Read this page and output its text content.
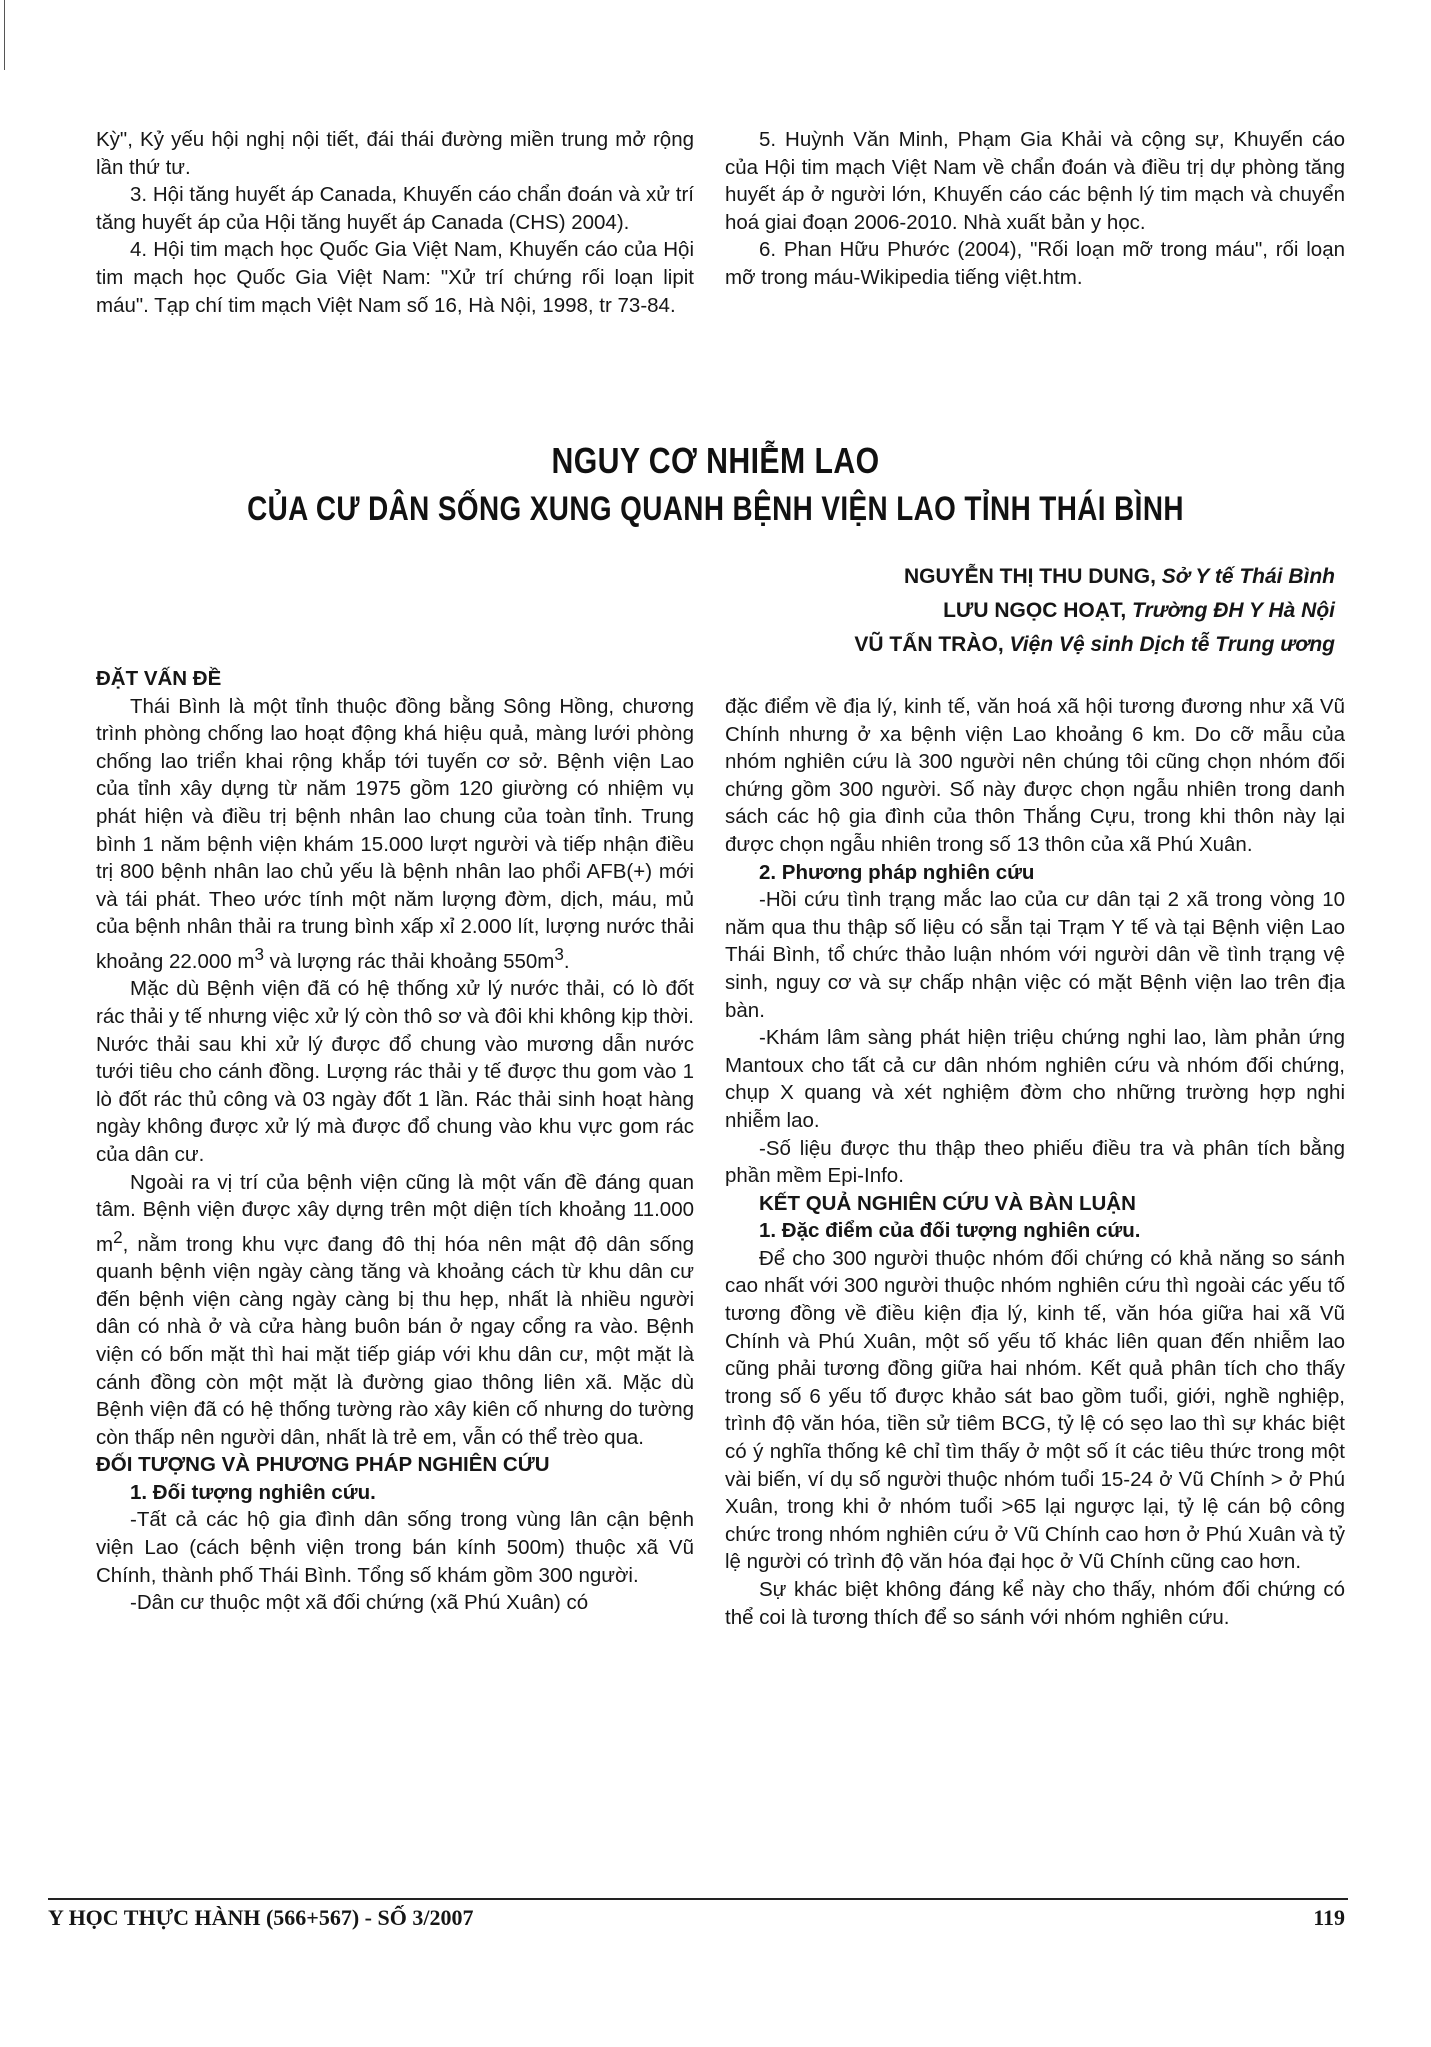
Kỳ", Kỷ yếu hội nghị nội tiết, đái thái đường miền trung mở rộng lần thứ tư.

3. Hội tăng huyết áp Canada, Khuyến cáo chẩn đoán và xử trí tăng huyết áp của Hội tăng huyết áp Canada (CHS) 2004).

4. Hội tim mạch học Quốc Gia Việt Nam, Khuyến cáo của Hội tim mạch học Quốc Gia Việt Nam: "Xử trí chứng rối loạn lipit máu". Tạp chí tim mạch Việt Nam số 16, Hà Nội, 1998, tr 73-84.

5. Huỳnh Văn Minh, Phạm Gia Khải và cộng sự, Khuyến cáo của Hội tim mạch Việt Nam về chẩn đoán và điều trị dự phòng tăng huyết áp ở người lớn, Khuyến cáo các bệnh lý tim mạch và chuyển hoá giai đoạn 2006-2010. Nhà xuất bản y học.

6. Phan Hữu Phước (2004), "Rối loạn mỡ trong máu", rối loạn mỡ trong máu-Wikipedia tiếng việt.htm.

NGUY CƠ NHIỄM LAO
CỦA CƯ DÂN SỐNG XUNG QUANH BỆNH VIỆN LAO TỈNH THÁI BÌNH
NGUYỄN THỊ THU DUNG, Sở Y tế Thái Bình
LƯU NGỌC HOẠT, Trường ĐH Y Hà Nội
VŨ TẤN TRÀO, Viện Vệ sinh Dịch tễ Trung ương

ĐẶT VẤN ĐỀ

Thái Bình là một tỉnh thuộc đồng bằng Sông Hồng, chương trình phòng chống lao hoạt động khá hiệu quả, màng lưới phòng chống lao triển khai rộng khắp tới tuyến cơ sở. Bệnh viện Lao của tỉnh xây dựng từ năm 1975 gồm 120 giường có nhiệm vụ phát hiện và điều trị bệnh nhân lao chung của toàn tỉnh. Trung bình 1 năm bệnh viện khám 15.000 lượt người và tiếp nhận điều trị 800 bệnh nhân lao chủ yếu là bệnh nhân lao phổi AFB(+) mới và tái phát. Theo ước tính một năm lượng đờm, dịch, máu, mủ của bệnh nhân thải ra trung bình xấp xỉ 2.000 lít, lượng nước thải khoảng 22.000 $m^3$ và lượng rác thải khoảng $550m^3$.

Mặc dù Bệnh viện đã có hệ thống xử lý nước thải, có lò đốt rác thải y tế nhưng việc xử lý còn thô sơ và đôi khi không kịp thời. Nước thải sau khi xử lý được đổ chung vào mương dẫn nước tưới tiêu cho cánh đồng. Lượng rác thải y tế được thu gom vào 1 lò đốt rác thủ công và 03 ngày đốt 1 lần. Rác thải sinh hoạt hàng ngày không được xử lý mà được đổ chung vào khu vực gom rác của dân cư.

Ngoài ra vị trí của bệnh viện cũng là một vấn đề đáng quan tâm. Bệnh viện được xây dựng trên một diện tích khoảng 11.000 $m^2$, nằm trong khu vực đang đô thị hóa nên mật độ dân sống quanh bệnh viện ngày càng tăng và khoảng cách từ khu dân cư đến bệnh viện càng ngày càng bị thu hẹp, nhất là nhiều người dân có nhà ở và cửa hàng buôn bán ở ngay cổng ra vào. Bệnh viện có bốn mặt thì hai mặt tiếp giáp với khu dân cư, một mặt là cánh đồng còn một mặt là đường giao thông liên xã. Mặc dù Bệnh viện đã có hệ thống tường rào xây kiên cố nhưng do tường còn thấp nên người dân, nhất là trẻ em, vẫn có thể trèo qua.

ĐỐI TƯỢNG VÀ PHƯƠNG PHÁP NGHIÊN CỨU

1. Đối tượng nghiên cứu.

-Tất cả các hộ gia đình dân sống trong vùng lân cận bệnh viện Lao (cách bệnh viện trong bán kính 500m) thuộc xã Vũ Chính, thành phố Thái Bình. Tổng số khám gồm 300 người.

-Dân cư thuộc một xã đối chứng (xã Phú Xuân) có

đặc điểm về địa lý, kinh tế, văn hoá xã hội tương đương như xã Vũ Chính nhưng ở xa bệnh viện Lao khoảng 6 km. Do cỡ mẫu của nhóm nghiên cứu là 300 người nên chúng tôi cũng chọn nhóm đối chứng gồm 300 người. Số này được chọn ngẫu nhiên trong danh sách các hộ gia đình của thôn Thắng Cựu, trong khi thôn này lại được chọn ngẫu nhiên trong số 13 thôn của xã Phú Xuân.

2. Phương pháp nghiên cứu

-Hồi cứu tình trạng mắc lao của cư dân tại 2 xã trong vòng 10 năm qua thu thập số liệu có sẵn tại Trạm Y tế và tại Bệnh viện Lao Thái Bình, tổ chức thảo luận nhóm với người dân về tình trạng vệ sinh, nguy cơ và sự chấp nhận việc có mặt Bệnh viện lao trên địa bàn.

-Khám lâm sàng phát hiện triệu chứng nghi lao, làm phản ứng Mantoux cho tất cả cư dân nhóm nghiên cứu và nhóm đối chứng, chụp X quang và xét nghiệm đờm cho những trường hợp nghi nhiễm lao.

-Số liệu được thu thập theo phiếu điều tra và phân tích bằng phần mềm Epi-Info.

KẾT QUẢ NGHIÊN CỨU VÀ BÀN LUẬN

1. Đặc điểm của đối tượng nghiên cứu.

Để cho 300 người thuộc nhóm đối chứng có khả năng so sánh cao nhất với 300 người thuộc nhóm nghiên cứu thì ngoài các yếu tố tương đồng về điều kiện địa lý, kinh tế, văn hóa giữa hai xã Vũ Chính và Phú Xuân, một số yếu tố khác liên quan đến nhiễm lao cũng phải tương đồng giữa hai nhóm. Kết quả phân tích cho thấy trong số 6 yếu tố được khảo sát bao gồm tuổi, giới, nghề nghiệp, trình độ văn hóa, tiền sử tiêm BCG, tỷ lệ có sẹo lao thì sự khác biệt có ý nghĩa thống kê chỉ tìm thấy ở một số ít các tiêu thức trong một vài biến, ví dụ số người thuộc nhóm tuổi 15-24 ở Vũ Chính > ở Phú Xuân, trong khi ở nhóm tuổi >65 lại ngược lại, tỷ lệ cán bộ công chức trong nhóm nghiên cứu ở Vũ Chính cao hơn ở Phú Xuân và tỷ lệ người có trình độ văn hóa đại học ở Vũ Chính cũng cao hơn.

Sự khác biệt không đáng kể này cho thấy, nhóm đối chứng có thể coi là tương thích để so sánh với nhóm nghiên cứu.

Y HỌC THỰC HÀNH (566+567) - SỐ 3/2007	119
